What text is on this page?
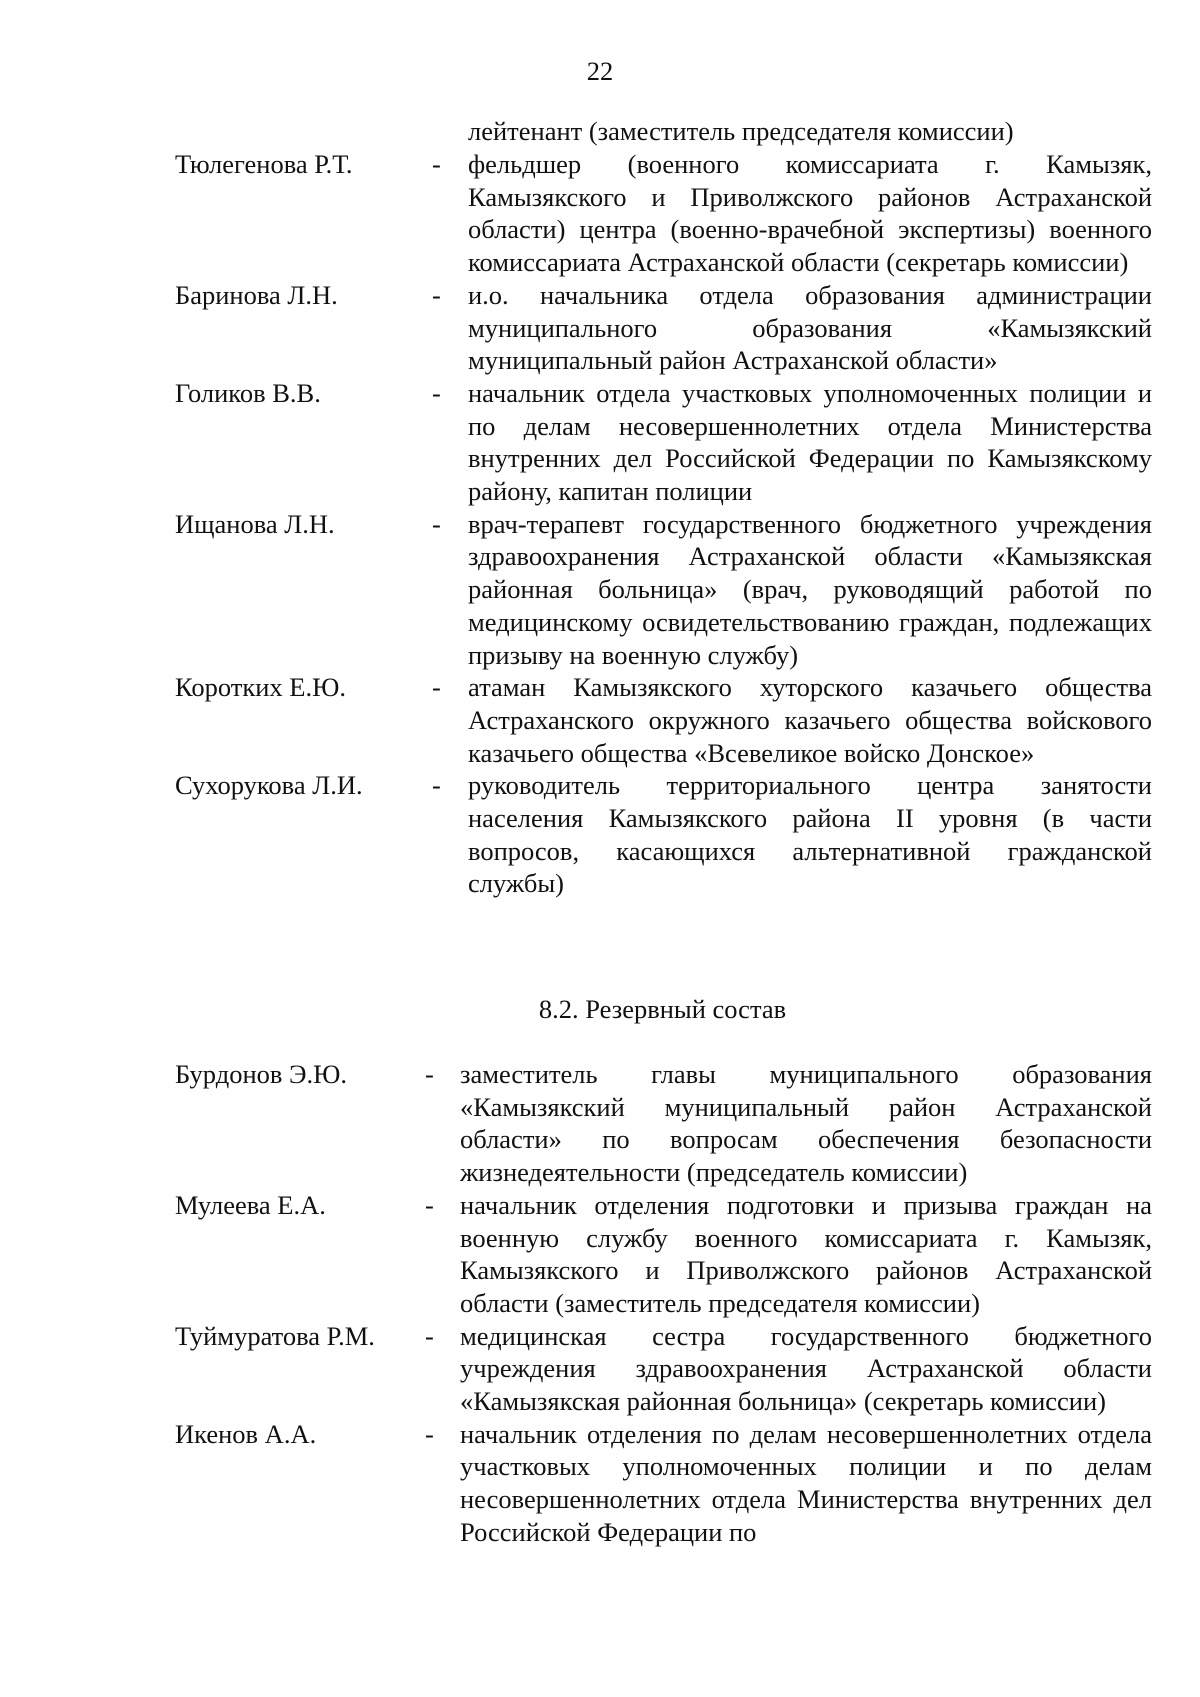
22
лейтенант (заместитель председателя комиссии)
Тюлегенова Р.Т.	- фельдшер (военного комиссариата г. Камызяк, Камызякского и Приволжского районов Астраханской области) центра (военно-врачебной экспертизы) военного комиссариата Астраханской области (секретарь комиссии)
Баринова Л.Н.	- и.о. начальника отдела образования администрации муниципального образования «Камызякский муниципальный район Астраханской области»
Голиков В.В.	- начальник отдела участковых уполномоченных полиции и по делам несовершеннолетних отдела Министерства внутренних дел Российской Федерации по Камызякскому району, капитан полиции
Ищанова Л.Н.	- врач-терапевт государственного бюджетного учреждения здравоохранения Астраханской области «Камызякская районная больница» (врач, руководящий работой по медицинскому освидетельствованию граждан, подлежащих призыву на военную службу)
Коротких Е.Ю.	- атаман Камызякского хуторского казачьего общества Астраханского окружного казачьего общества войскового казачьего общества «Всевеликое войско Донское»
Сухорукова Л.И.	- руководитель территориального центра занятости населения Камызякского района II уровня (в части вопросов, касающихся альтернативной гражданской службы)
8.2. Резервный состав
Бурдонов Э.Ю.	- заместитель главы муниципального образования «Камызякский муниципальный район Астраханской области» по вопросам обеспечения безопасности жизнедеятельности (председатель комиссии)
Мулеева Е.А.	- начальник отделения подготовки и призыва граждан на военную службу военного комиссариата г. Камызяк, Камызякского и Приволжского районов Астраханской области (заместитель председателя комиссии)
Туймуратова Р.М. - медицинская сестра государственного бюджетного учреждения здравоохранения Астраханской области «Камызякская районная больница» (секретарь комиссии)
Икенов А.А.	- начальник отделения по делам несовершеннолетних отдела участковых уполномоченных полиции и по делам несовершеннолетних отдела Министерства внутренних дел Российской Федерации по
